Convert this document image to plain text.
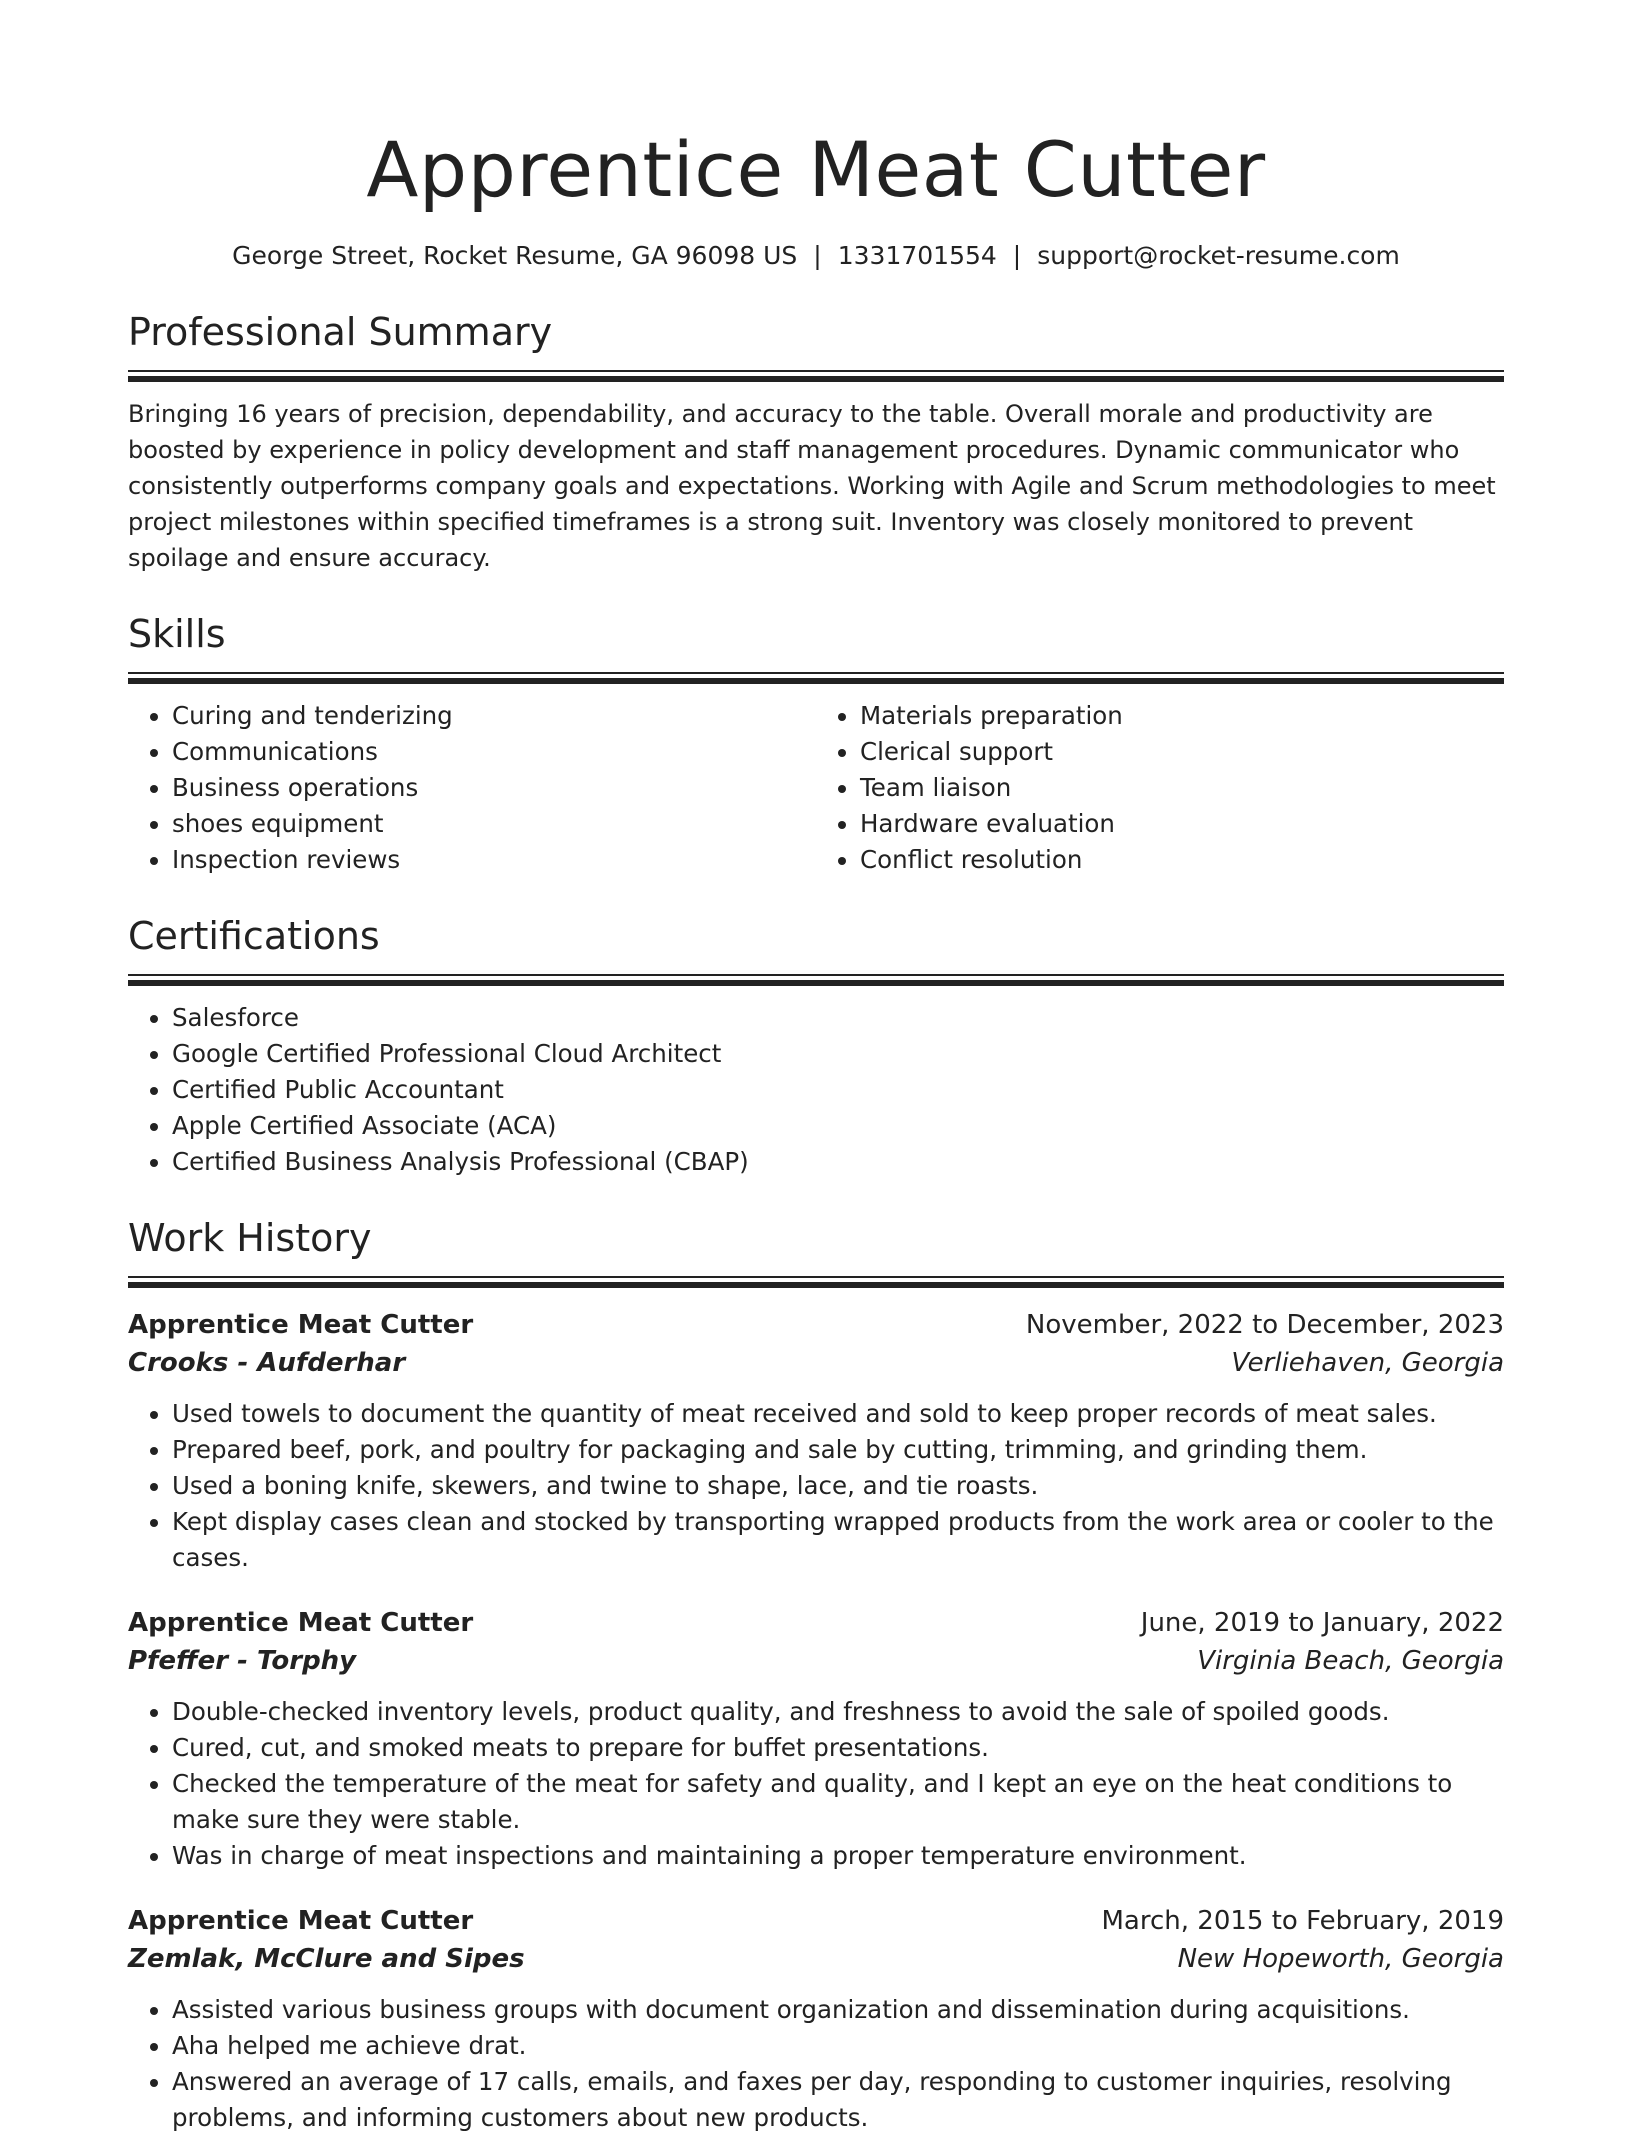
Apprentice Meat Cutter
George Street, Rocket Resume, GA 96098 US | 1331701554 | support@rocket-resume.com
Professional Summary
Bringing 16 years of precision, dependability, and accuracy to the table. Overall morale and productivity are boosted by experience in policy development and staff management procedures. Dynamic communicator who consistently outperforms company goals and expectations. Working with Agile and Scrum methodologies to meet project milestones within specified timeframes is a strong suit. Inventory was closely monitored to prevent spoilage and ensure accuracy.
Skills
• Curing and tenderizing
• Communications
• Business operations
• shoes equipment
• Inspection reviews
• Materials preparation
• Clerical support
• Team liaison
• Hardware evaluation
• Conflict resolution
Certifications
• Salesforce
• Google Certified Professional Cloud Architect
• Certified Public Accountant
• Apple Certified Associate (ACA)
• Certified Business Analysis Professional (CBAP)
Work History
Apprentice Meat Cutter	November, 2022 to December, 2023
Crooks - Aufderhar	Verliehaven, Georgia
• Used towels to document the quantity of meat received and sold to keep proper records of meat sales.
• Prepared beef, pork, and poultry for packaging and sale by cutting, trimming, and grinding them.
• Used a boning knife, skewers, and twine to shape, lace, and tie roasts.
• Kept display cases clean and stocked by transporting wrapped products from the work area or cooler to the cases.
Apprentice Meat Cutter	June, 2019 to January, 2022
Pfeffer - Torphy	Virginia Beach, Georgia
• Double-checked inventory levels, product quality, and freshness to avoid the sale of spoiled goods.
• Cured, cut, and smoked meats to prepare for buffet presentations.
• Checked the temperature of the meat for safety and quality, and I kept an eye on the heat conditions to make sure they were stable.
• Was in charge of meat inspections and maintaining a proper temperature environment.
Apprentice Meat Cutter	March, 2015 to February, 2019
Zemlak, McClure and Sipes	New Hopeworth, Georgia
• Assisted various business groups with document organization and dissemination during acquisitions.
• Aha helped me achieve drat.
• Answered an average of 17 calls, emails, and faxes per day, responding to customer inquiries, resolving problems, and informing customers about new products.
